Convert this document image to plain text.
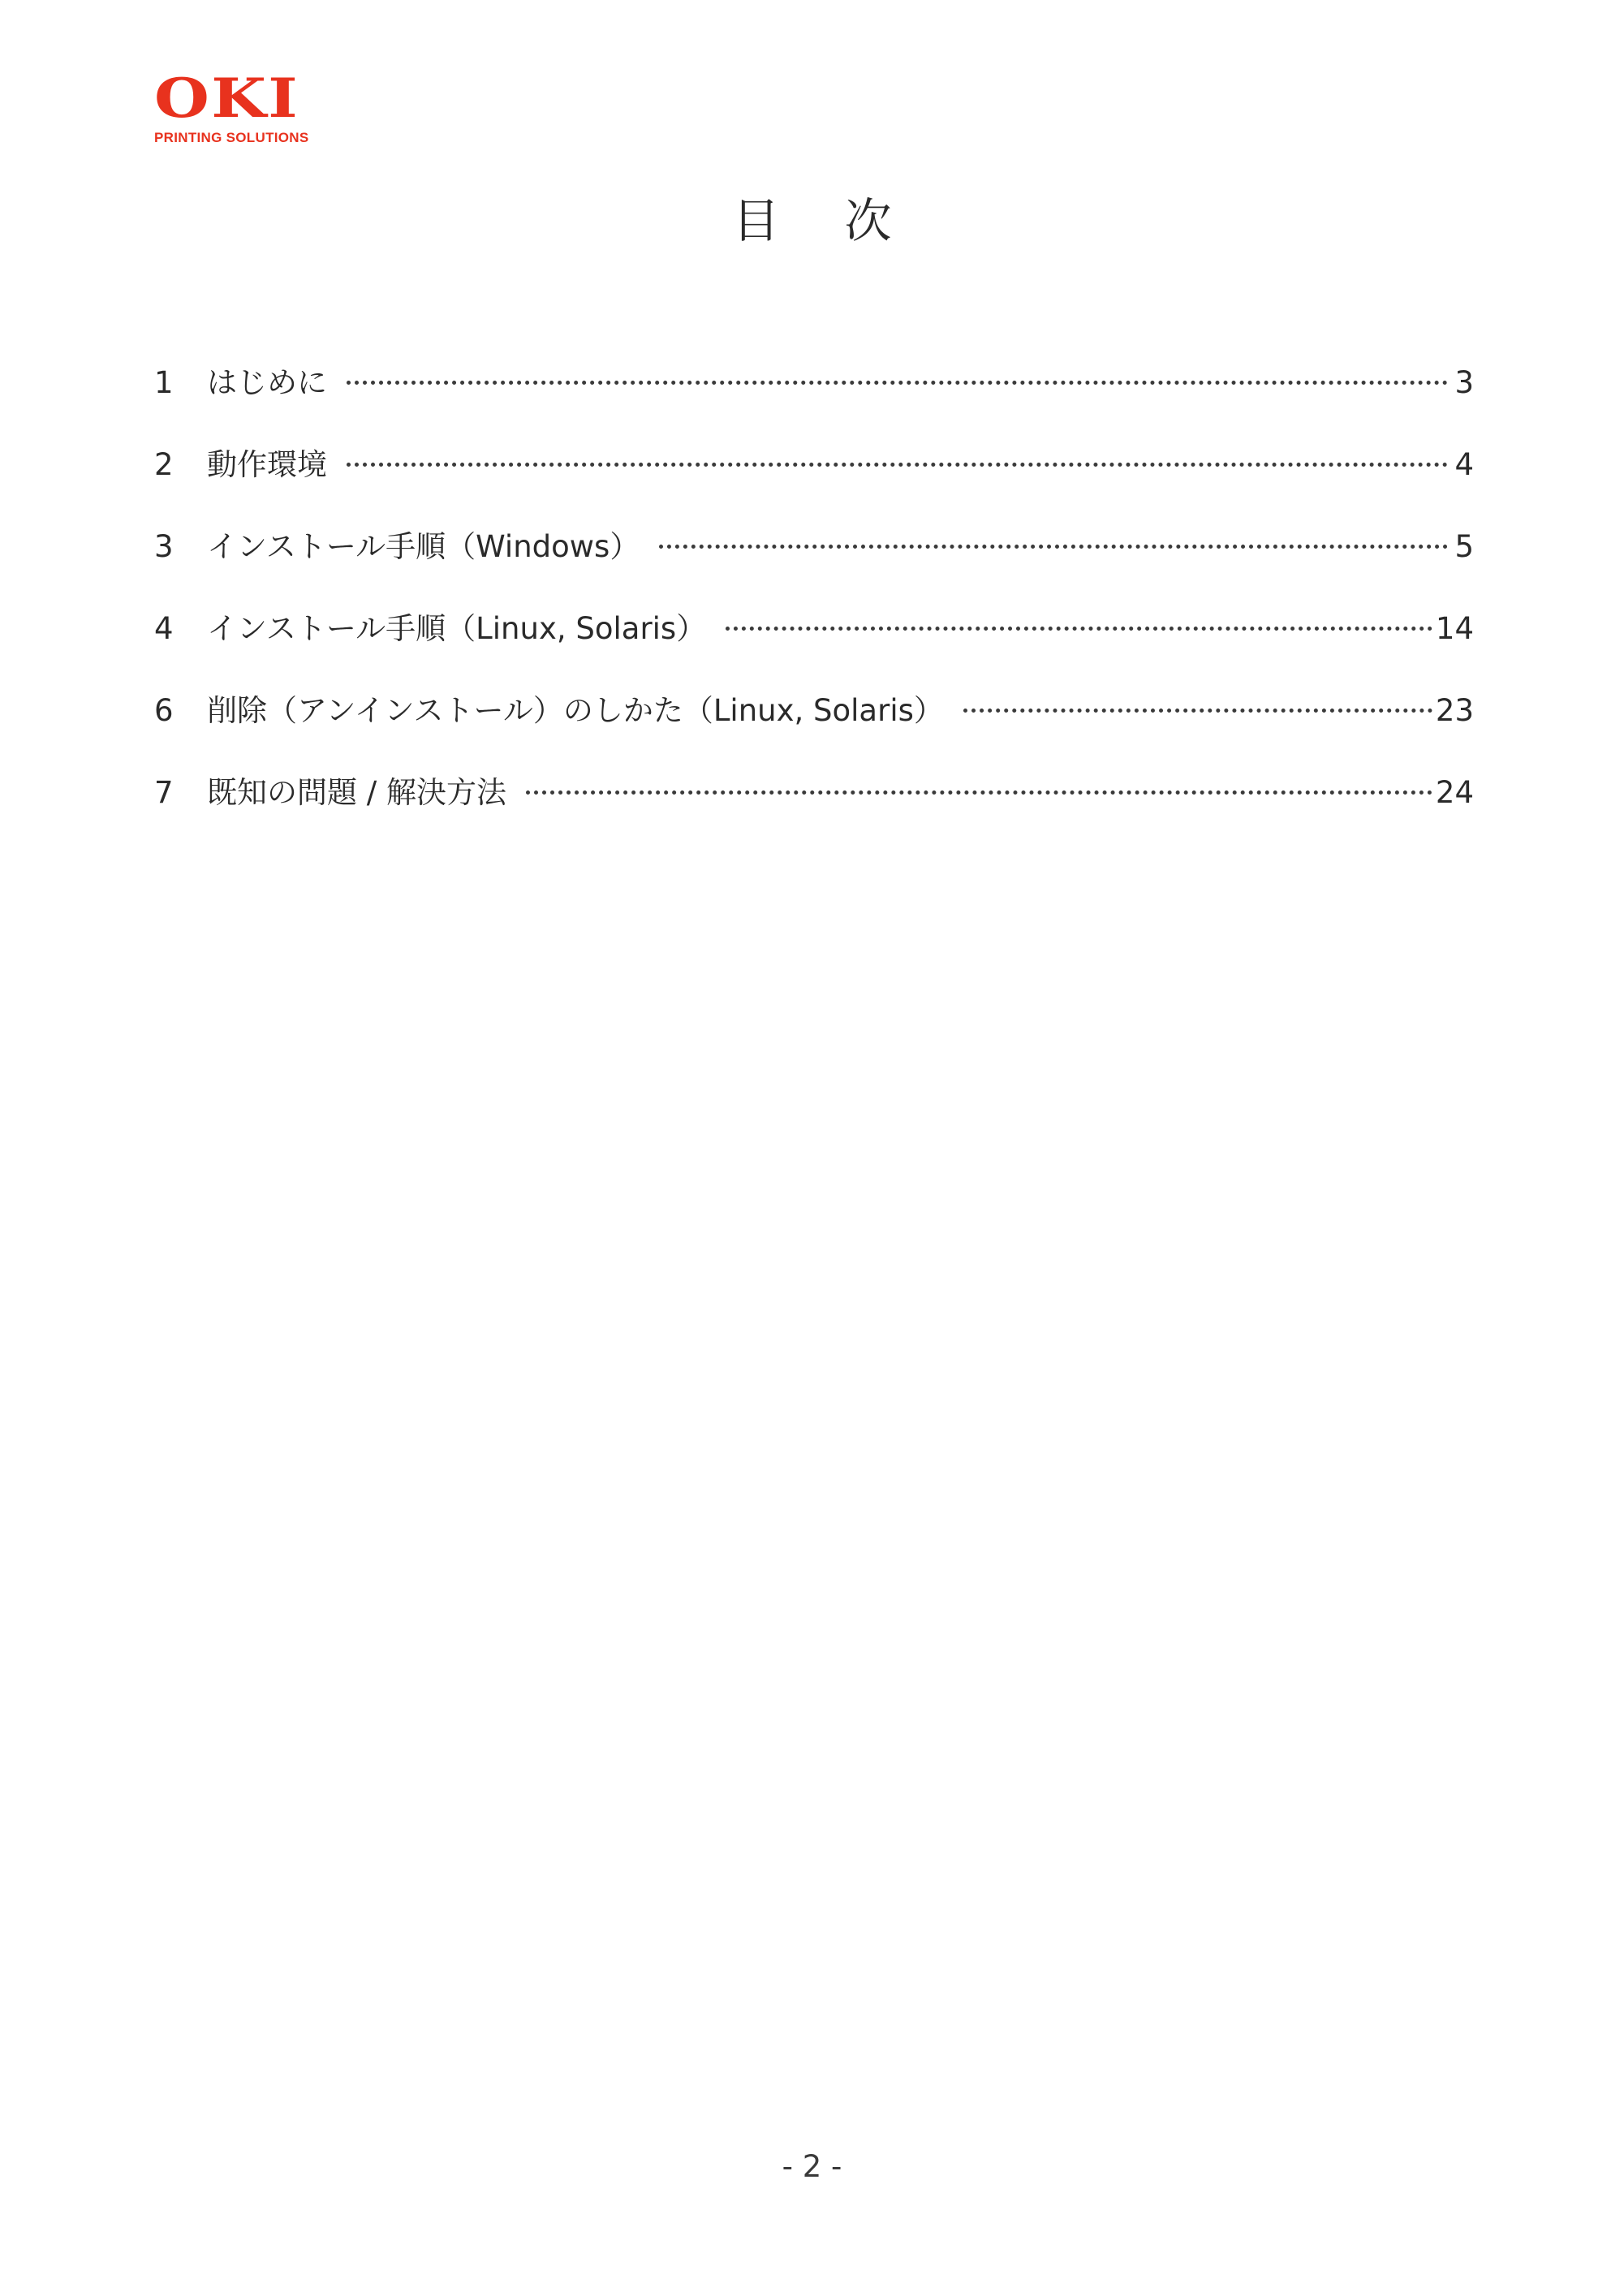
OKI
PRINTING SOLUTIONS
目次
1	はじめに	3
2	動作環境	4
3	インストール手順（Windows）	5
4	インストール手順（Linux, Solaris）	14
6	削除（アンインストール）のしかた（Linux, Solaris）	23
7	既知の問題 / 解決方法	24
- 2 -
